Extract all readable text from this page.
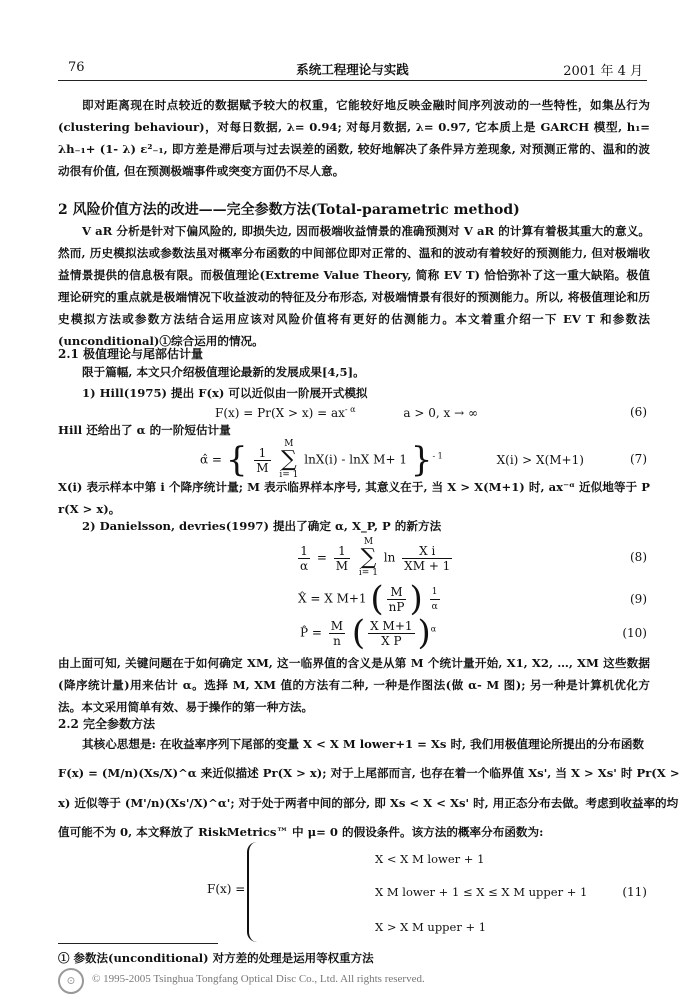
76	系统工程理论与实践	2001 年 4 月
即对距离现在时点较近的数据赋予较大的权重，它能较好地反映金融时间序列波动的一些特性，如集丛行为(clustering behaviour)，对每日数据, λ= 0.94; 对每月数据, λ= 0.97, 它本质上是 GARCH 模型, h₁= λh₋₁+ (1- λ) ε²₋₁, 即方差是滞后项与过去误差的函数, 较好地解决了条件异方差现象, 对预测正常的、温和的波动很有价值, 但在预测极端事件或突变方面仍不尽人意。
2 风险价值方法的改进——完全参数方法(Total-parametric method)
V aR 分析是针对下偏风险的, 即损失边, 因而极端收益情景的准确预测对 V aR 的计算有着极其重大的意义。然而, 历史模拟法或参数法虽对概率分布函数的中间部位即对正常的、温和的波动有着较好的预测能力, 但对极端收益情景提供的信息极有限。而极值理论(Extreme Value Theory, 简称 EV T) 恰恰弥补了这一重大缺陷。极值理论研究的重点就是极端情况下收益波动的特征及分布形态, 对极端情景有很好的预测能力。所以, 将极值理论和历史模拟方法或参数方法结合运用应该对风险价值将有更好的估测能力。本文着重介绍一下 EV T 和参数法(unconditional)①综合运用的情况。
2.1 极值理论与尾部估计量
限于篇幅, 本文只介绍极值理论最新的发展成果[4,5]。
1) Hill(1975) 提出 F(x) 可以近似由一阶展开式模拟
$F(x) = Pr(X > x) = ax^{- \alpha}$	a > 0, x → ∞	(6)
Hill 还给出了 α 的一阶短估计量
α̂ = { $\frac{1}{M}$
M
∑
i= 1 lnX(i) - lnX M+ 1 }$^{- 1}$	X(i) > X(M+1)	(7)
X(i) 表示样本中第 i 个降序统计量; M 表示临界样本序号, 其意义在于, 当 X > X(M+1) 时, ax⁻ᵅ 近似地等于 P r(X > x)。
2) Danielsson, devries(1997) 提出了确定 α, X_P, P 的新方法
$\frac{1}{\alpha} = \frac{1}{M}$
M
∑
i= 1 $\ln \frac{\text{X i}}{XM + 1}$	(8)
X̂ = X M+1 ( $\frac{M}{nP}$ ) $\frac{1}{\alpha}$	(9)
P̂ = $\frac{M}{n}$ ( $\frac{\text{X M+1}}{\text{X P}} )^\alpha$	(10)
由上面可知, 关键问题在于如何确定 XM, 这一临界值的含义是从第 M 个统计量开始, X1, X2, …, XM 这些数据(降序统计量)用来估计 α。选择 M, XM 值的方法有二种, 一种是作图法(做 α- M 图); 另一种是计算机优化方法。本文采用简单有效、易于操作的第一种方法。
2.2 完全参数方法
其核心思想是: 在收益率序列下尾部的变量 X < X M lower+1 = Xs 时, 我们用极值理论所提出的分布函数
F(x) = (M/n)(Xs/X)^α 来近似描述 Pr(X > x); 对于上尾部而言, 也存在着一个临界值 Xs', 当 X > Xs' 时 Pr(X >
x) 近似等于 (M'/n)(Xs'/X)^α'; 对于处于两者中间的部分, 即 Xs < X < Xs' 时, 用正态分布去做。考虑到收益率的均
值可能不为 0, 本文释放了 RiskMetrics™ 中 μ= 0 的假设条件。该方法的概率分布函数为:
F(x) =
X < X M lower + 1
X M lower + 1 ≤ X ≤ X M upper + 1
X > X M upper + 1
(11)
① 参数法(unconditional) 对方差的处理是运用等权重方法
⊙	© 1995-2005 Tsinghua Tongfang Optical Disc Co., Ltd. All rights reserved.
